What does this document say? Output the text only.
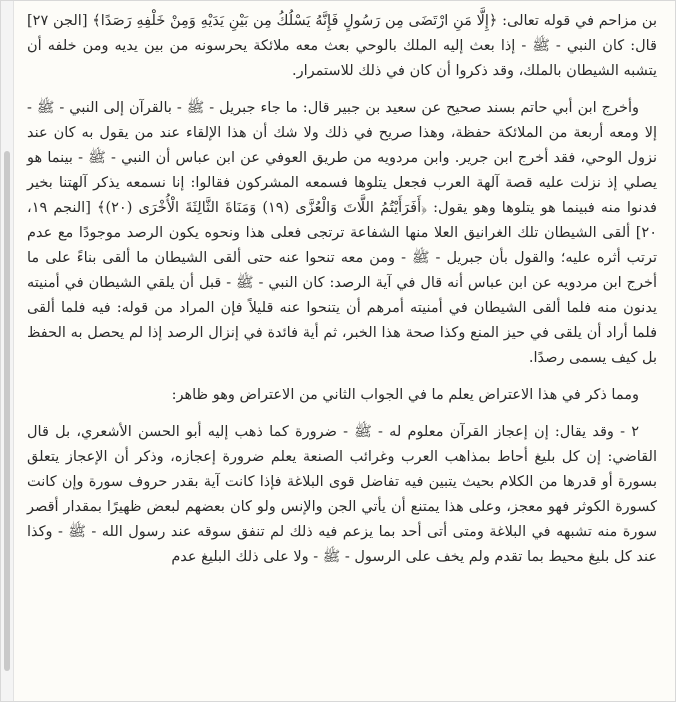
بن مزاحم في قوله تعالى: ﴿إِلَّا مَنِ ارْتَضَى مِن رَسُولٍ فَإِنَّهُ يَسْلُكُ مِن بَيْنِ يَدَيْهِ وَمِنْ خَلْفِهِ رَصَدًا﴾ [الجن ٢٧] قال: كان النبي - ﷺ - إذا بعث إليه الملك بالوحي بعث معه ملائكة يحرسونه من بين يديه ومن خلفه أن يتشبه الشيطان بالملك، وقد ذكروا أن كان في ذلك للاستمرار.

وأخرج ابن أبي حاتم بسند صحيح عن سعيد بن جبير قال: ما جاء جبريل - ﷺ - بالقرآن إلى النبي - ﷺ - إلا ومعه أربعة من الملائكة حفظة، وهذا صريح في ذلك ولا شك أن هذا الإلقاء عند من يقول به كان عند نزول الوحي، فقد أخرج ابن جرير. وابن مردويه من طريق العوفي عن ابن عباس أن النبي - ﷺ - بينما هو يصلي إذ نزلت عليه قصة آلهة العرب فجعل يتلوها فسمعه المشركون فقالوا: إنا نسمعه يذكر آلهتنا بخير فدنوا منه فبينما هو يتلوها وهو يقول: ﴿أَفَرَأَيْتُمُ اللَّاتَ وَالْعُزَّى (١٩) وَمَنَاةَ الثَّالِثَةَ الْأُخْرَى (٢٠)﴾ [النجم ١٩، ٢٠] ألقى الشيطان تلك الغرانيق العلا منها الشفاعة ترتجى فعلى هذا ونحوه يكون الرصد موجودًا مع عدم ترتب أثره عليه؛ والقول بأن جبريل - ﷺ - ومن معه تنحوا عنه حتى ألقى الشيطان ما ألقى بناءً على ما أخرج ابن مردويه عن ابن عباس أنه قال في آية الرصد: كان النبي - ﷺ - قبل أن يلقي الشيطان في أمنيته يدنون منه فلما ألقى الشيطان في أمنيته أمرهم أن يتنحوا عنه قليلاً فإن المراد من قوله: فيه فلما ألقى فلما أراد أن يلقى في حيز المنع وكذا صحة هذا الخبر، ثم أية فائدة في إنزال الرصد إذا لم يحصل به الحفظ بل كيف يسمى رصدًا.

ومما ذكر في هذا الاعتراض يعلم ما في الجواب الثاني من الاعتراض وهو ظاهر:

٢ - وقد يقال: إن إعجاز القرآن معلوم له - ﷺ - ضرورة كما ذهب إليه أبو الحسن الأشعري، بل قال القاضي: إن كل بليغ أحاط بمذاهب العرب وغرائب الصنعة يعلم ضرورة إعجازه، وذكر أن الإعجاز يتعلق بسورة أو قدرها من الكلام بحيث يتبين فيه تفاضل قوى البلاغة فإذا كانت آية بقدر حروف سورة وإن كانت كسورة الكوثر فهو معجز، وعلى هذا يمتنع أن يأتي الجن والإنس ولو كان بعضهم لبعض ظهيرًا بمقدار أقصر سورة منه تشبهه في البلاغة ومتى أتى أحد بما يزعم فيه ذلك لم تنفق سوقه عند رسول الله - ﷺ - وكذا عند كل بليغ محيط بما تقدم ولم يخف على الرسول - ﷺ - ولا على ذلك البليغ عدم
